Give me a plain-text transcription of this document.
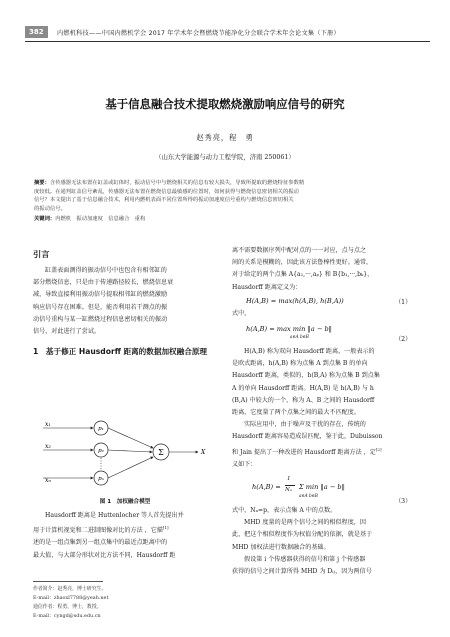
382	内燃机科技——中国内燃机学会 2017 年学术年会暨燃烧节能净化分会联合学术年会论文集（下册）
基于信息融合技术提取燃烧激励响应信号的研究
赵秀亮，程　勇
（山东大学能源与动力工程学院，济南 250061）
摘要：含传感器无法布置在缸盖或缸体时，振动信号中与燃烧相关的信息有较大损失，导致所提取的燃烧特征参数精
度较低。在通判缸盖信号紊乱，传感器无法布置在燃烧信息最敏感的位置时，如何获得与燃烧信息密切相关的振动
信号？本文提出了基于信息融合技术，利用内燃机表面不同位置所得的振动加速度信号重构与燃烧信息密切相关
的振动信号。
关键词：内燃机　振动加速度　信息融合　重构
引言
缸盖表面测得的振动信号中也包含有相邻缸的
部分燃烧信息，只是由于传递路径较长，燃烧信息衰
减，导致直接利用振动信号提取相邻缸的燃烧激励
响应信号存在困难。但是，能否利用若干测点的振
动信号重构与某一缸燃烧过程信息密切相关的振动
信号，对此进行了尝试。
1　基于修正 Hausdorff 距离的数据加权融合原理
x₁
x₂
xₙ
p₁
p₂
pₙ
Σ	X
图 1　加权融合模型
Hausdorff 距离是 Huttenlocher 等人首先提出并
用于计算机视觉和二进制图像对比的方法 ，它描[1]
述的是一组点集到另一组点集中的最近点距离中的
最大值，与大部分形状对比方法不同，Hausdorff 距
作者简介：赵秀亮，博士研究生。
E-mail：zhaoxl7788@yeah.net
通信作者：程勇，博士，教授。
E-mail：cyngd@sdu.edu.cn
离不需要数据序列中配对点的一一对应，点与点之
间的关系是模糊的，因此该方法鲁棒性更好。通常，
对于给定的两个点集 A{a₁,···,aₚ} 和 B{b₁,···,bₖ}，
Hausdorff 距离定义为：
H(A,B) = max(h(A,B), h(B,A))	（1）
式中，
h(A,B) = max min ‖a − b‖
a∈A b∈B	（2）
H(A,B) 称为双向 Hausdorff 距离，一般表示的
是欧式距离，h(A,B) 称为点集 A 到点集 B 的单向
Hausdorff 距离，类似的，h(B,A) 称为点集 B 到点集
A 的单向 Hausdorff 距离。H(A,B) 是 h(A,B) 与 h
(B,A) 中较大的一个，称为 A、B 之间的 Hausdorff
距离，它度量了两个点集之间的最大不匹配度。
实际应用中，由于噪声及干扰的存在，传统的
Hausdorff 距离容易造成误匹配，鉴于此，Dubuisson
和 Jain 提出了一种改进的 Hausdorff 距离方法 ，定[2]
义如下：
h(A,B) =
1
Nₐ Σ min ‖a − b‖
a∈A b∈B
（3）
式中，Nₐ=p，表示点集 A 中的点数。
MHD 度量的是两个信号之间的相似程度，因
此，把这个相似程度作为权值分配的依据，就是基于
MHD 加权法进行数据融合的基础。
假设第 i 个传感器获得的信号和第 j 个传感器
获得的信号之间计算所得 MHD 为 Dᵢⱼ，因为两信号
